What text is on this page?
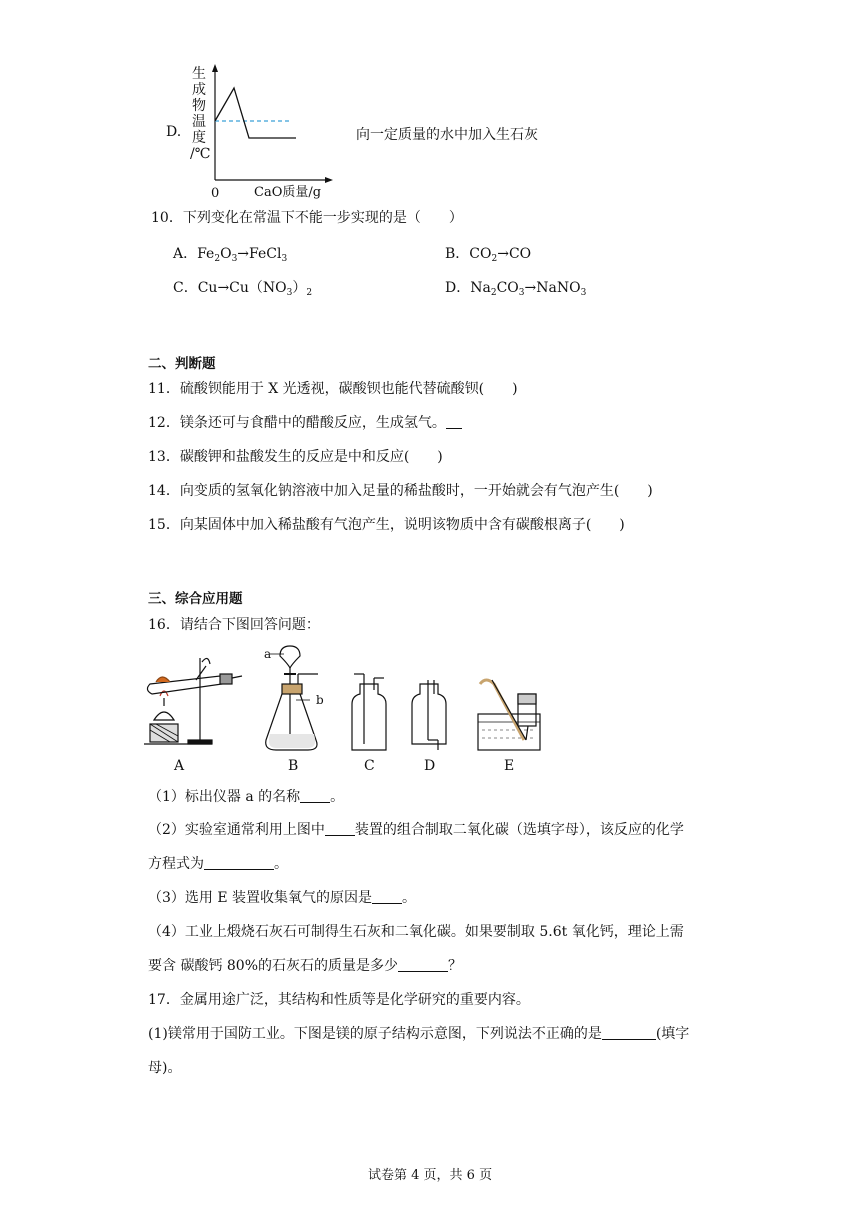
D.
生
成
物
温
度
/℃
0	CaO质量/g
向一定质量的水中加入生石灰
10．下列变化在常温下不能一步实现的是（　　）
A．$Fe_2O_3\to FeCl_3$	B．$CO_2\to CO$
C．$Cu\to Cu(NO_3)_2$	D．$Na_2CO_3\to NaNO_3$
二、判断题
11．硫酸钡能用于 X 光透视，碳酸钡也能代替硫酸钡(　　)
12．镁条还可与食醋中的醋酸反应，生成氢气。
13．碳酸钾和盐酸发生的反应是中和反应(　　)
14．向变质的氢氧化钠溶液中加入足量的稀盐酸时，一开始就会有气泡产生(　　)
15．向某固体中加入稀盐酸有气泡产生，说明该物质中含有碳酸根离子(　　)
三、综合应用题
16．请结合下图回答问题：
a
b
A	B	C	D	E
（1）标出仪器 a 的名称 。
（2）实验室通常利用上图中 装置的组合制取二氧化碳（选填字母），该反应的化学
方程式为	。
（3）选用 E 装置收集氧气的原因是 。
（4）工业上煅烧石灰石可制得生石灰和二氧化碳。如果要制取 5.6t 氧化钙，理论上需
要含 碳酸钙 80%的石灰石的质量是多少	？
17．金属用途广泛，其结构和性质等是化学研究的重要内容。
(1)镁常用于国防工业。下图是镁的原子结构示意图，下列说法不正确的是	(填字
母)。
试卷第 4 页，共 6 页
